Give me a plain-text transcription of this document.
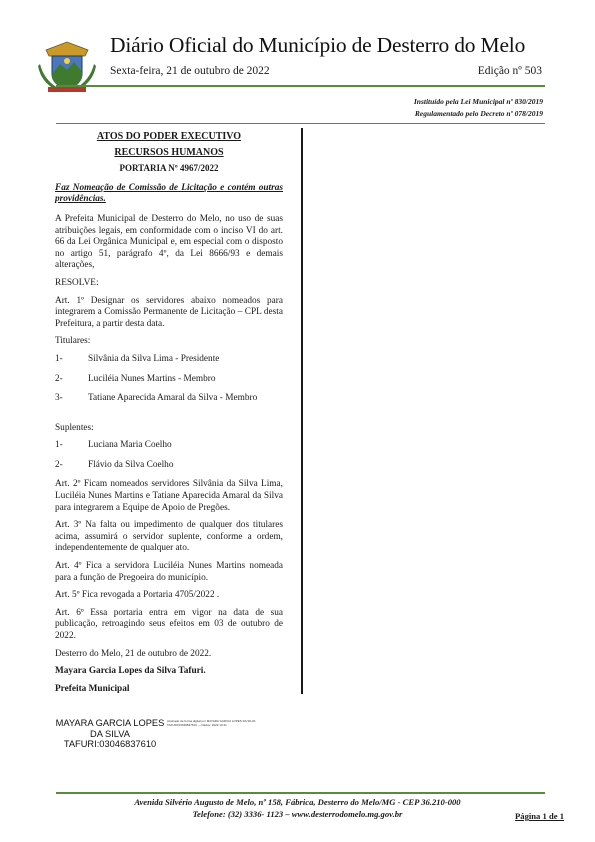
Diário Oficial do Município de Desterro do Melo
Sexta-feira, 21 de outubro de 2022	Edição nº 503
Instituído pela Lei Municipal nº 830/2019
Regulamentado pelo Decreto nº 078/2019
ATOS DO PODER EXECUTIVO
RECURSOS HUMANOS
PORTARIA Nº 4967/2022

Faz Nomeação de Comissão de Licitação e contém outras providências.

A Prefeita Municipal de Desterro do Melo, no uso de suas atribuições legais, em conformidade com o inciso VI do art. 66 da Lei Orgânica Municipal e, em especial com o disposto no artigo 51, parágrafo 4º, da Lei 8666/93 e demais alterações,

RESOLVE:

Art. 1º Designar os servidores abaixo nomeados para integrarem a Comissão Permanente de Licitação – CPL desta Prefeitura, a partir desta data.

Titulares:

1-	Silvânia da Silva Lima - Presidente
2-	Luciléia Nunes Martins - Membro
3-	Tatiane Aparecida Amaral da Silva - Membro

Suplentes:

1-	Luciana Maria Coelho
2-	Flávio da Silva Coelho

Art. 2º Ficam nomeados servidores Silvânia da Silva Lima, Luciléia Nunes Martins e Tatiane Aparecida Amaral da Silva para integrarem a Equipe de Apoio de Pregões.

Art. 3º Na falta ou impedimento de qualquer dos titulares acima, assumirá o servidor suplente, conforme a ordem, independentemente de qualquer ato.

Art. 4º Fica a servidora Luciléia Nunes Martins nomeada para a função de Pregoeira do município.

Art. 5º Fica revogada a Portaria 4705/2022 .

Art. 6º Essa portaria entra em vigor na data de sua publicação, retroagindo seus efeitos em 03 de outubro de 2022.

Desterro do Melo, 21 de outubro de 2022.

Mayara Garcia Lopes da Silva Tafuri.

Prefeita Municipal

MAYARA GARCIA LOPES
DA SILVA
TAFURI:03046837610
Assinado de forma digital por MAYARA GARCIA LOPES DA SILVA TAFURI:03046837610 — Dados: 2022.10.21
Avenida Silvério Augusto de Melo, nº 158, Fábrica, Desterro do Melo/MG - CEP 36.210-000
Telefone: (32) 3336- 1123 – www.desterrodomelo.mg.gov.br	Página 1 de 1
